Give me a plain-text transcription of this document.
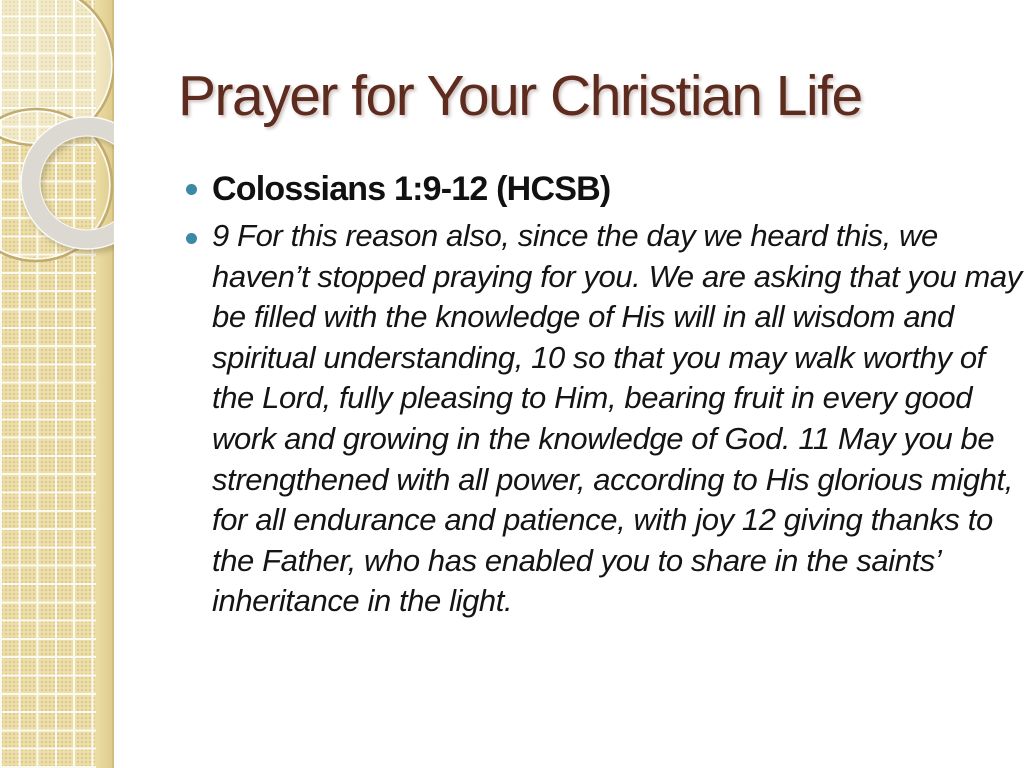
Prayer for Your Christian Life
Colossians 1:9-12 (HCSB)
9 For this reason also, since the day we heard this, we
haven’t stopped praying for you. We are asking that you may
be filled with the knowledge of His will in all wisdom and
spiritual understanding, 10 so that you may walk worthy of
the Lord, fully pleasing to Him, bearing fruit in every good
work and growing in the knowledge of God. 11 May you be
strengthened with all power, according to His glorious might,
for all endurance and patience, with joy 12 giving thanks to
the Father, who has enabled you to share in the saints’
inheritance in the light.
